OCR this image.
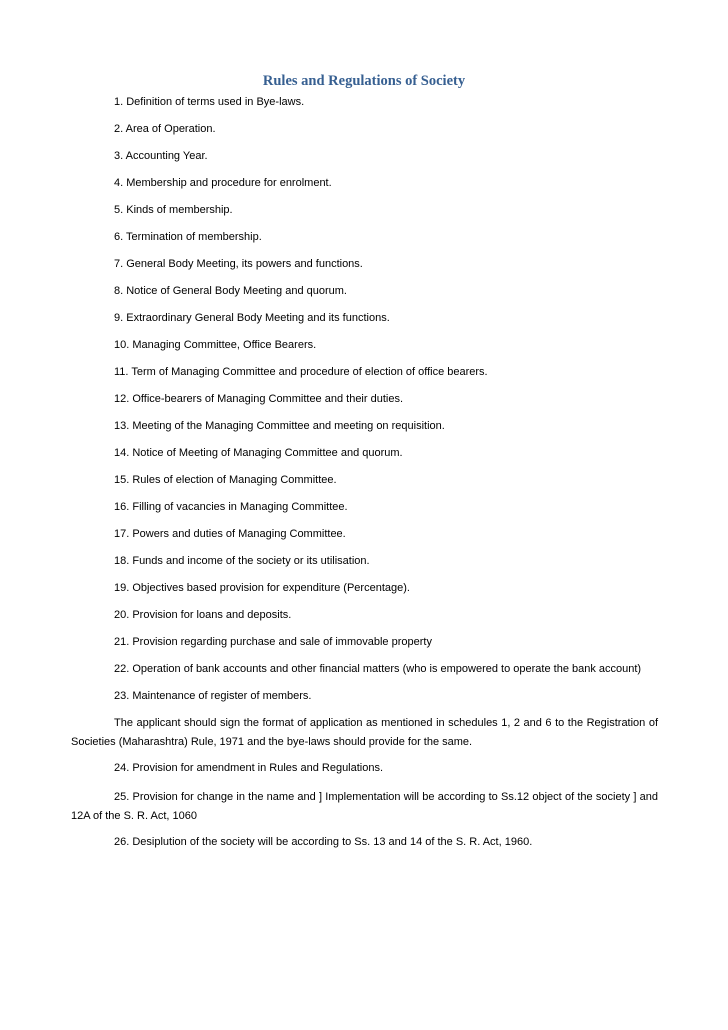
Rules and Regulations of Society
1. Definition of terms used in Bye-laws.
2. Area of Operation.
3. Accounting Year.
4. Membership and procedure for enrolment.
5. Kinds of membership.
6. Termination of membership.
7. General Body Meeting, its powers and functions.
8. Notice of General Body Meeting and quorum.
9. Extraordinary General Body Meeting and its functions.
10. Managing Committee, Office Bearers.
11. Term of Managing Committee and procedure of election of office bearers.
12. Office-bearers of Managing Committee and their duties.
13. Meeting of the Managing Committee and meeting on requisition.
14. Notice of Meeting of Managing Committee and quorum.
15. Rules of election of Managing Committee.
16. Filling of vacancies in Managing Committee.
17. Powers and duties of Managing Committee.
18. Funds and income of the society or its utilisation.
19. Objectives based provision for expenditure (Percentage).
20. Provision for loans and deposits.
21. Provision regarding purchase and sale of immovable property
22. Operation of bank accounts and other financial matters (who is empowered to operate the bank account)
23. Maintenance of register of members.

The applicant should sign the format of application as mentioned in schedules 1, 2 and 6 to the Registration of Societies (Maharashtra) Rule, 1971 and the bye-laws should provide for the same.

24. Provision for amendment in Rules and Regulations.

25. Provision for change in the name and ] Implementation will be according to Ss.12 object of the society ] and 12A of the S. R. Act, 1060

26. Desiplution of the society will be according to Ss. 13 and 14 of the S. R. Act, 1960.
